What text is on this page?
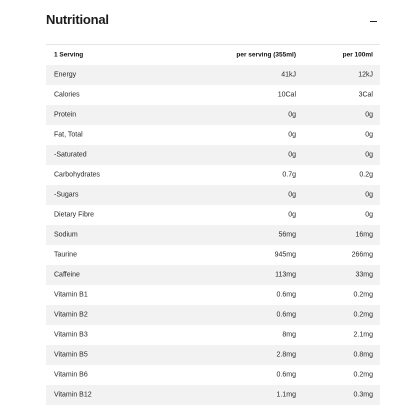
Nutritional
1 Serving	per serving (355ml)	per 100ml
Energy	41kJ	12kJ
Calories	10Cal	3Cal
Protein	0g	0g
Fat, Total	0g	0g
-Saturated	0g	0g
Carbohydrates	0.7g	0.2g
-Sugars	0g	0g
Dietary Fibre	0g	0g
Sodium	56mg	16mg
Taurine	945mg	266mg
Caffeine	113mg	33mg
Vitamin B1	0.6mg	0.2mg
Vitamin B2	0.6mg	0.2mg
Vitamin B3	8mg	2.1mg
Vitamin B5	2.8mg	0.8mg
Vitamin B6	0.6mg	0.2mg
Vitamin B12	1.1mg	0.3mg
